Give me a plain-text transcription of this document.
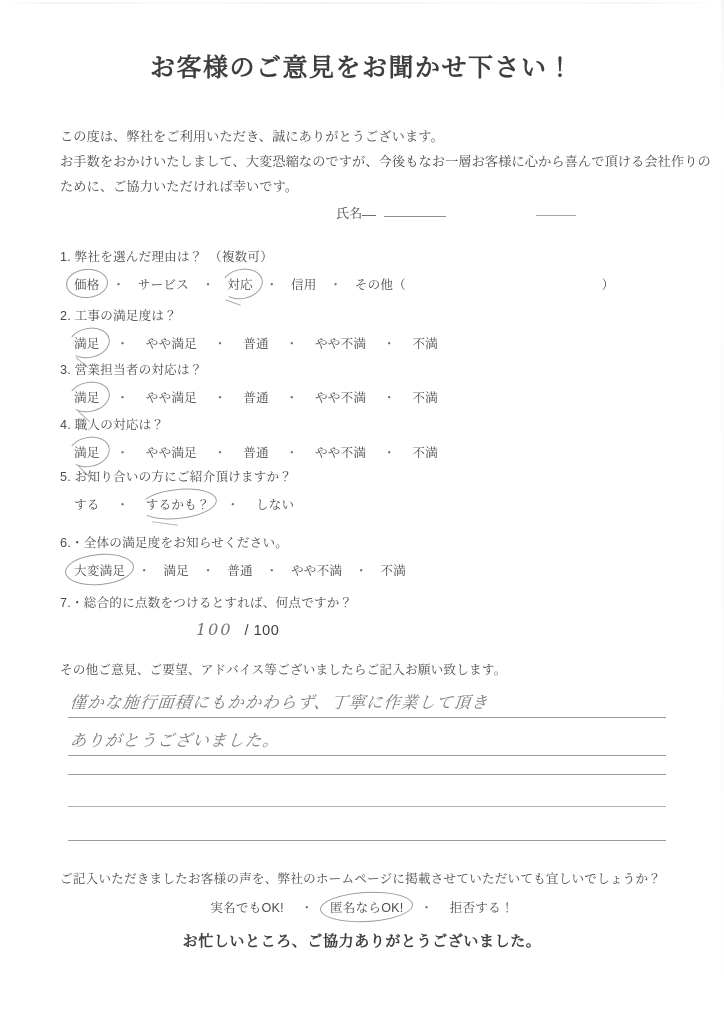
お客様のご意見をお聞かせ下さい！
この度は、弊社をご利用いただき、誠にありがとうございます。
お手数をおかけいたしまして、大変恐縮なのですが、今後もなお一層お客様に心から喜んで頂ける会社作りの
ために、ご協力いただければ幸いです。
氏名
1. 弊社を選んだ理由は？　（複数可）
価格 ・ サービス ・ 対応 ・ 信用 ・ その他（	）
2. 工事の満足度は？
満足 ・ やや満足 ・ 普通 ・ やや不満 ・ 不満
3. 営業担当者の対応は？
満足 ・ やや満足 ・ 普通 ・ やや不満 ・ 不満
4. 職人の対応は？
満足 ・ やや満足 ・ 普通 ・ やや不満 ・ 不満
5. お知り合いの方にご紹介頂けますか？
する ・ するかも？ ・ しない
6.・全体の満足度をお知らせください。
大変満足 ・ 満足 ・ 普通 ・ やや不満 ・ 不満
7.・総合的に点数をつけるとすれば、何点ですか？
100 / 100
その他ご意見、ご要望、アドバイス等ございましたらご記入お願い致します。
僅かな施行面積にもかかわらず、丁寧に作業して頂き
ありがとうございました。
ご記入いただきましたお客様の声を、弊社のホームページに掲載させていただいても宜しいでしょうか？
実名でもOK! ・ 匿名ならOK! ・ 拒否する！
お忙しいところ、ご協力ありがとうございました。
